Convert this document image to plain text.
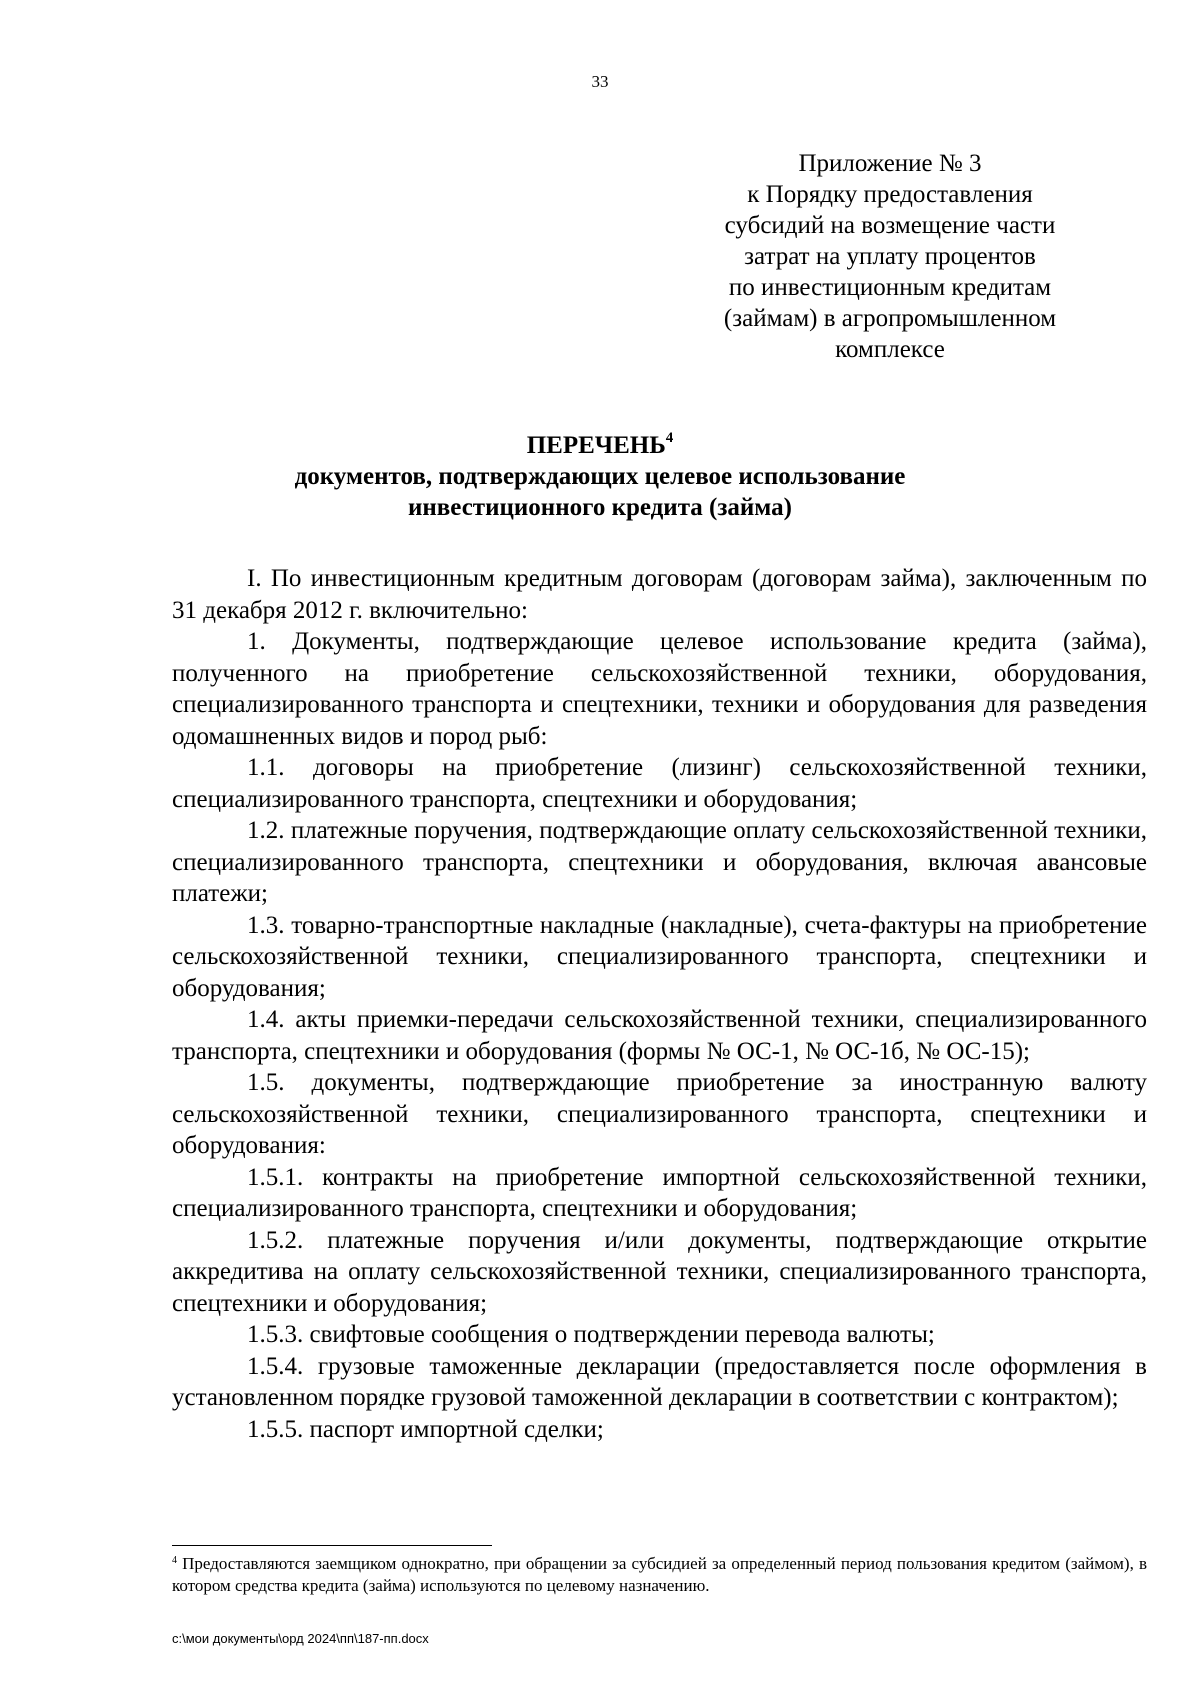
33
Приложение № 3
к Порядку предоставления
субсидий на возмещение части
затрат на уплату процентов
по инвестиционным кредитам
(займам) в агропромышленном
комплексе
ПЕРЕЧЕНЬ$^4$
документов, подтверждающих целевое использование
инвестиционного кредита (займа)

I. По инвестиционным кредитным договорам (договорам займа), заключенным по 31 декабря 2012 г. включительно:

1. Документы, подтверждающие целевое использование кредита (займа), полученного на приобретение сельскохозяйственной техники, оборудования, специализированного транспорта и спецтехники, техники и оборудования для разведения одомашненных видов и пород рыб:

1.1. договоры на приобретение (лизинг) сельскохозяйственной техники, специализированного транспорта, спецтехники и оборудования;

1.2. платежные поручения, подтверждающие оплату сельскохозяйственной техники, специализированного транспорта, спецтехники и оборудования, включая авансовые платежи;

1.3. товарно-транспортные накладные (накладные), счета-фактуры на приобретение сельскохозяйственной техники, специализированного транспорта, спецтехники и оборудования;

1.4. акты приемки-передачи сельскохозяйственной техники, специализированного транспорта, спецтехники и оборудования (формы № ОС-1, № ОС-1б, № ОС-15);

1.5. документы, подтверждающие приобретение за иностранную валюту сельскохозяйственной техники, специализированного транспорта, спецтехники и оборудования:

1.5.1. контракты на приобретение импортной сельскохозяйственной техники, специализированного транспорта, спецтехники и оборудования;

1.5.2. платежные поручения и/или документы, подтверждающие открытие аккредитива на оплату сельскохозяйственной техники, специализированного транспорта, спецтехники и оборудования;

1.5.3. свифтовые сообщения о подтверждении перевода валюты;

1.5.4. грузовые таможенные декларации (предоставляется после оформления в установленном порядке грузовой таможенной декларации в соответствии с контрактом);

1.5.5. паспорт импортной сделки;

$^4$ Предоставляются заемщиком однократно, при обращении за субсидией за определенный период пользования кредитом (займом), в котором средства кредита (займа) используются по целевому назначению.
c:\мои документы\орд 2024\пп\187-пп.docx
